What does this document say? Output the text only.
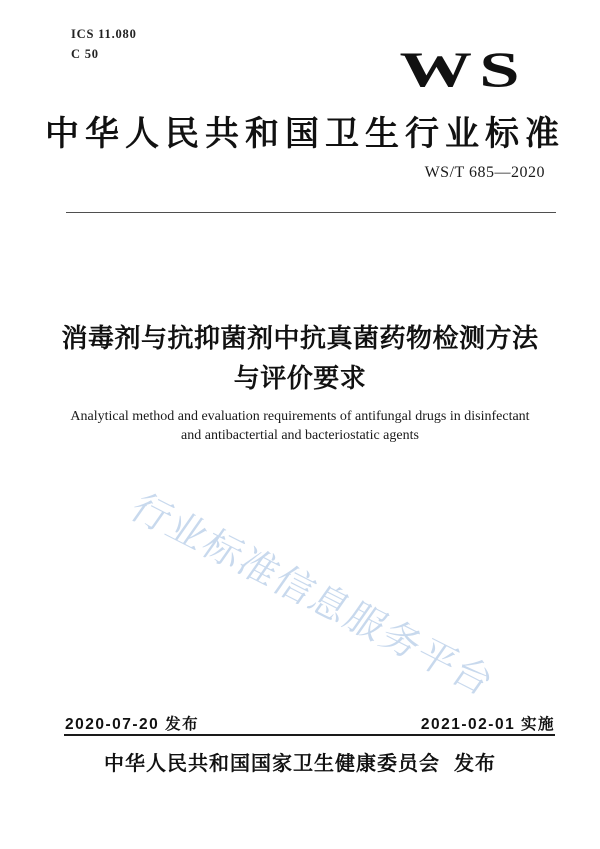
ICS 11.080
C 50	WS
中华人民共和国卫生行业标准
WS/T 685—2020
消毒剂与抗抑菌剂中抗真菌药物检测方法
与评价要求
Analytical method and evaluation requirements of antifungal drugs in disinfectant
and antibactertial and bacteriostatic agents
行业标准信息服务平台
2020-07-20 发布	2021-02-01 实施
中华人民共和国国家卫生健康委员会 发布
